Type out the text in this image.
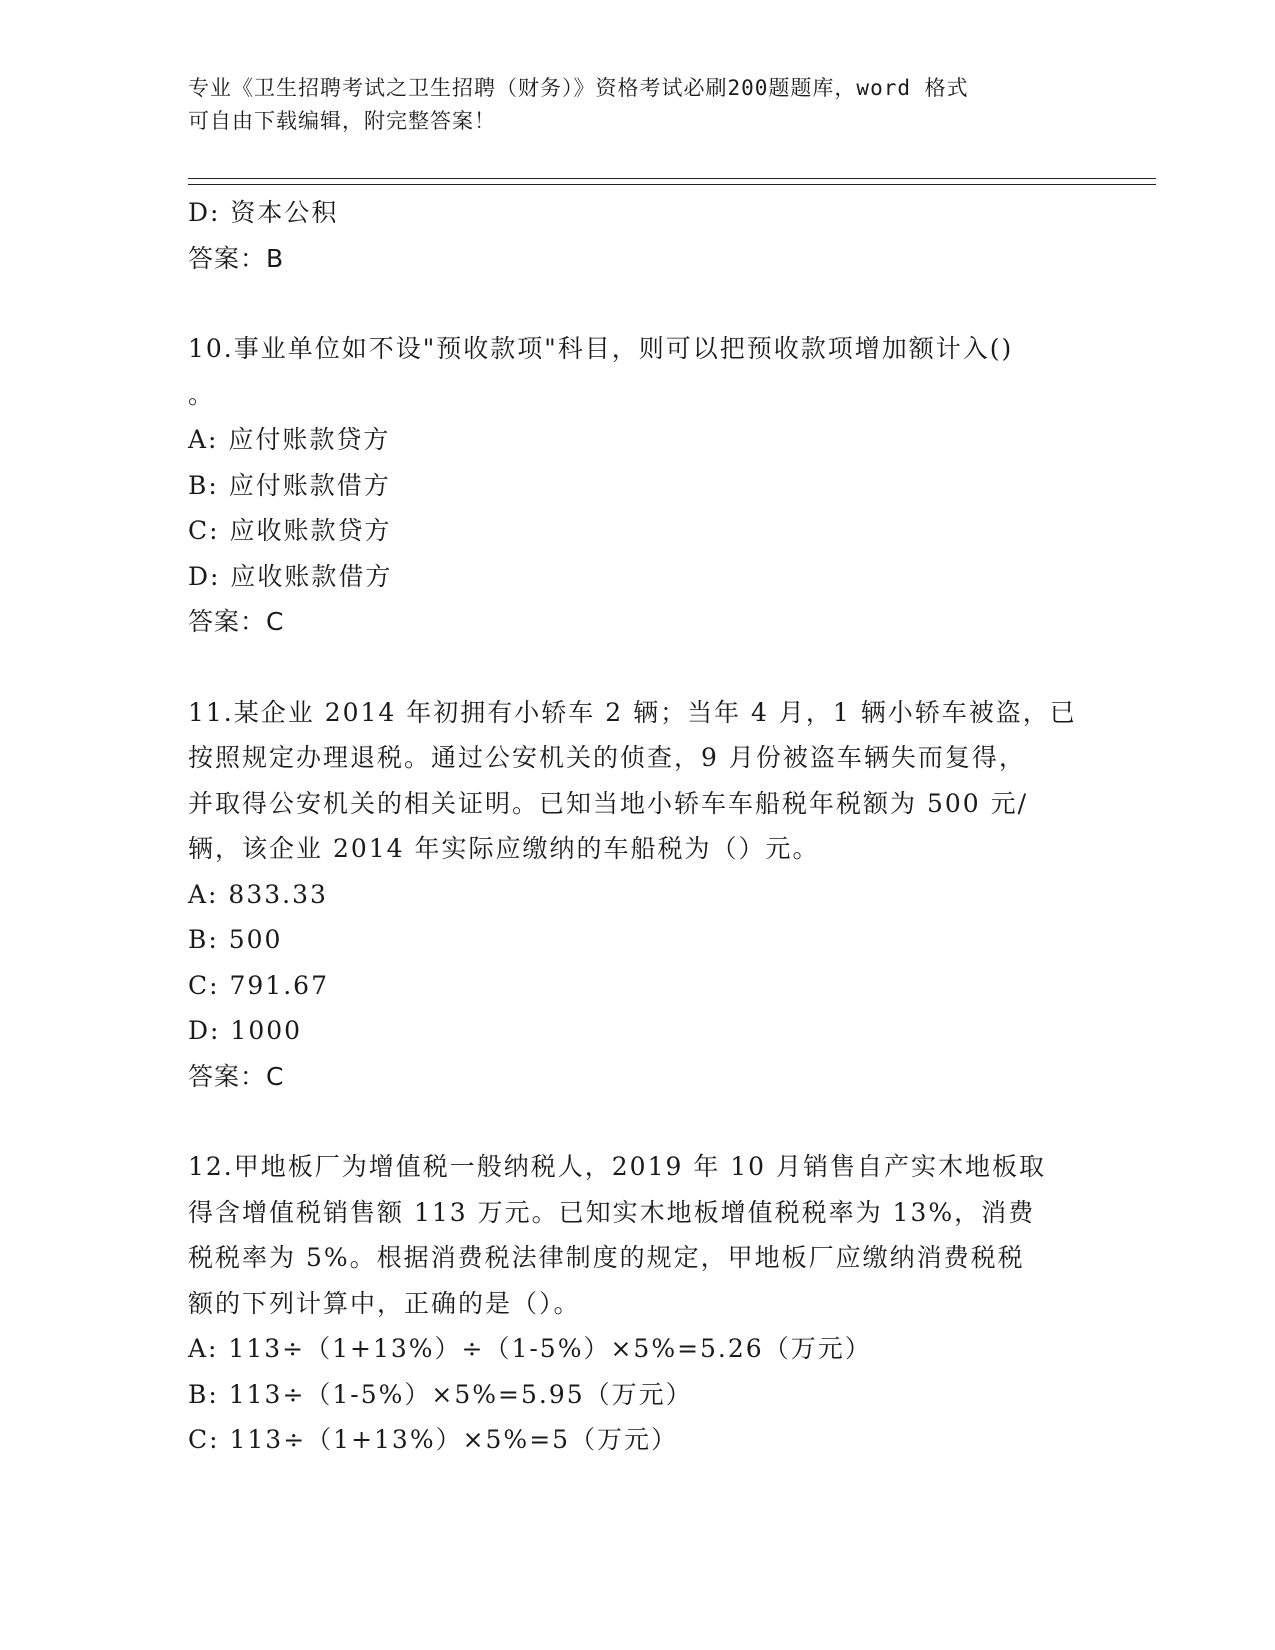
专业《卫生招聘考试之卫生招聘（财务）》资格考试必刷200题题库，word 格式
可自由下载编辑，附完整答案！
D: 资本公积
答案：B
10.事业单位如不设"预收款项"科目，则可以把预收款项增加额计入()
。
A: 应付账款贷方
B: 应付账款借方
C: 应收账款贷方
D: 应收账款借方
答案：C
11.某企业 2014 年初拥有小轿车 2 辆；当年 4 月，1 辆小轿车被盗，已
按照规定办理退税。通过公安机关的侦查，9 月份被盗车辆失而复得，
并取得公安机关的相关证明。已知当地小轿车车船税年税额为 500 元/
辆，该企业 2014 年实际应缴纳的车船税为（）元。
A: 833.33
B: 500
C: 791.67
D: 1000
答案：C
12.甲地板厂为增值税一般纳税人，2019 年 10 月销售自产实木地板取
得含增值税销售额 113 万元。已知实木地板增值税税率为 13%，消费
税税率为 5%。根据消费税法律制度的规定，甲地板厂应缴纳消费税税
额的下列计算中，正确的是（）。
A: 113÷（1+13%）÷（1-5%）×5%=5.26（万元）
B: 113÷（1-5%）×5%=5.95（万元）
C: 113÷（1+13%）×5%=5（万元）
